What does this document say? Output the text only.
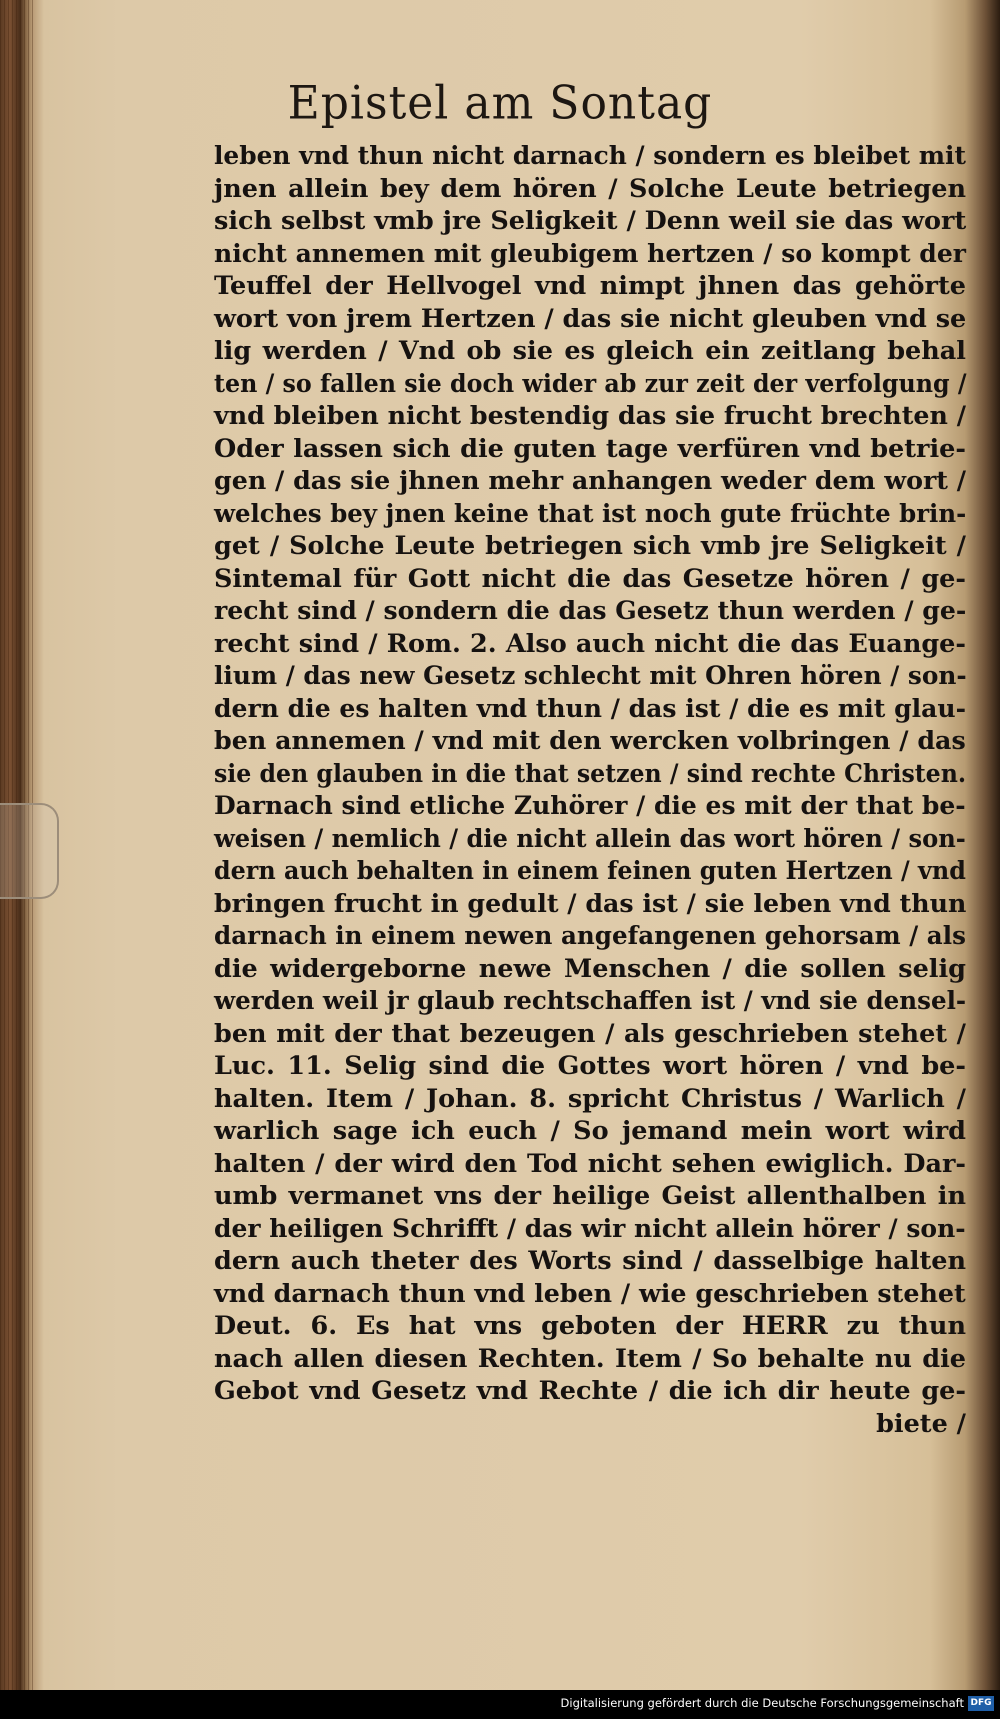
Epistel am Sontag
leben vnd thun nicht darnach / sondern es bleibet mit
jnen allein bey dem hören / Solche Leute betriegen
sich selbst vmb jre Seligkeit / Denn weil sie das wort
nicht annemen mit gleubigem hertzen / so kompt der
Teuffel der Hellvogel vnd nimpt jhnen das gehörte
wort von jrem Hertzen / das sie nicht gleuben vnd se
lig werden / Vnd ob sie es gleich ein zeitlang behal
ten / so fallen sie doch wider ab zur zeit der verfolgung /
vnd bleiben nicht bestendig das sie frucht brechten /
Oder lassen sich die guten tage verfüren vnd betrie-
gen / das sie jhnen mehr anhangen weder dem wort /
welches bey jnen keine that ist noch gute früchte brin-
get / Solche Leute betriegen sich vmb jre Seligkeit /
Sintemal für Gott nicht die das Gesetze hören / ge-
recht sind / sondern die das Gesetz thun werden / ge-
recht sind / Rom. 2. Also auch nicht die das Euange-
lium / das new Gesetz schlecht mit Ohren hören / son-
dern die es halten vnd thun / das ist / die es mit glau-
ben annemen / vnd mit den wercken volbringen / das
sie den glauben in die that setzen / sind rechte Christen.
Darnach sind etliche Zuhörer / die es mit der that be-
weisen / nemlich / die nicht allein das wort hören / son-
dern auch behalten in einem feinen guten Hertzen / vnd
bringen frucht in gedult / das ist / sie leben vnd thun
darnach in einem newen angefangenen gehorsam / als
die widergeborne newe Menschen / die sollen selig
werden weil jr glaub rechtschaffen ist / vnd sie densel-
ben mit der that bezeugen / als geschrieben stehet /
Luc. 11. Selig sind die Gottes wort hören / vnd be-
halten. Item / Johan. 8. spricht Christus / Warlich /
warlich sage ich euch / So jemand mein wort wird
halten / der wird den Tod nicht sehen ewiglich. Dar-
umb vermanet vns der heilige Geist allenthalben in
der heiligen Schrifft / das wir nicht allein hörer / son-
dern auch theter des Worts sind / dasselbige halten
vnd darnach thun vnd leben / wie geschrieben stehet
Deut. 6. Es hat vns geboten der HERR zu thun
nach allen diesen Rechten. Item / So behalte nu die
Gebot vnd Gesetz vnd Rechte / die ich dir heute ge-
biete /
Digitalisierung gefördert durch die Deutsche Forschungsgemeinschaft DFG
